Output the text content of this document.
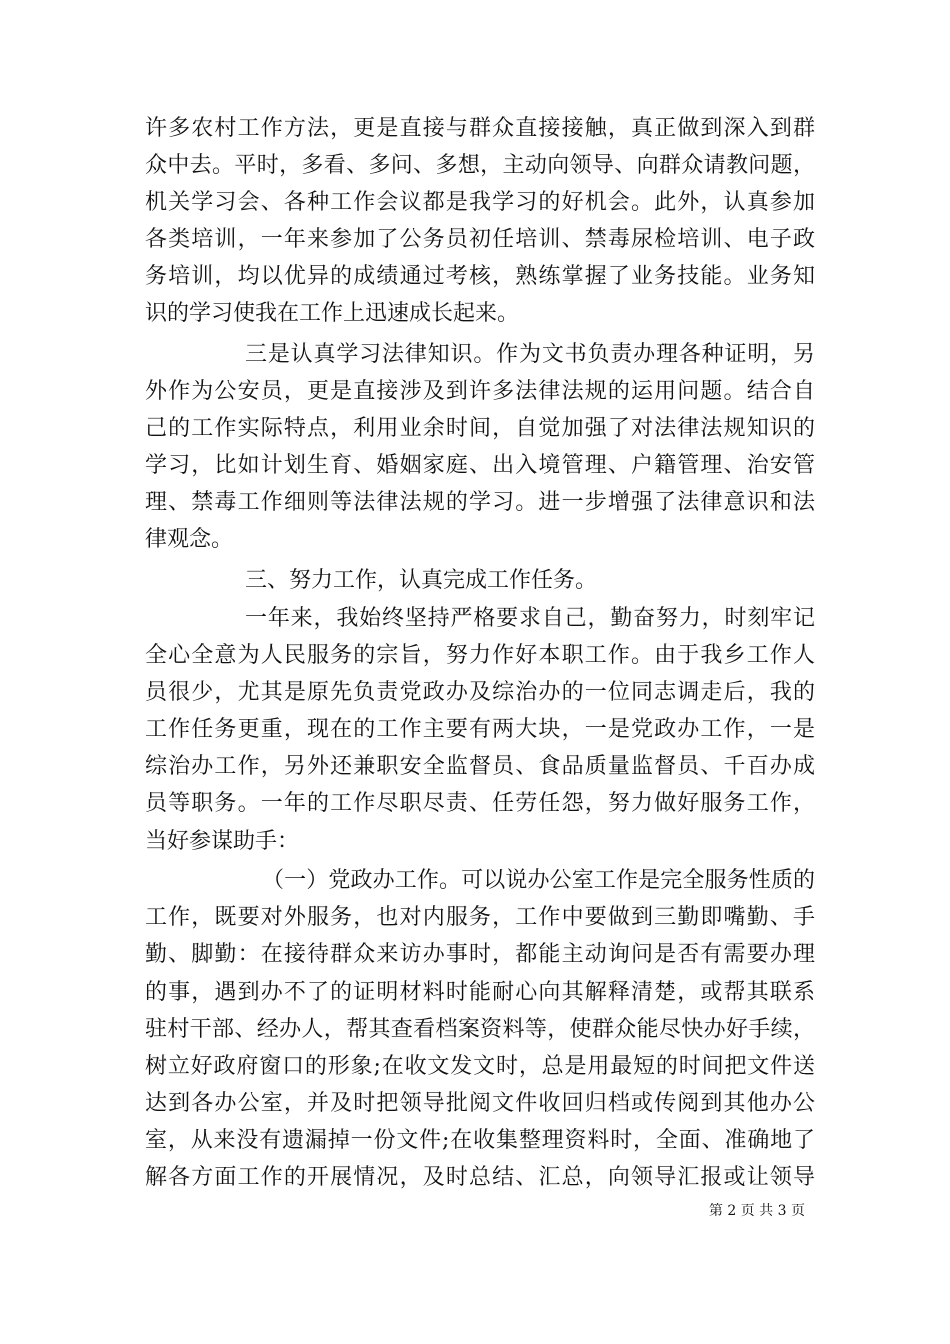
许多农村工作方法，更是直接与群众直接接触，真正做到深入到群
众中去。平时，多看、多问、多想，主动向领导、向群众请教问题，
机关学习会、各种工作会议都是我学习的好机会。此外，认真参加
各类培训，一年来参加了公务员初任培训、禁毒尿检培训、电子政
务培训，均以优异的成绩通过考核，熟练掌握了业务技能。业务知
识的学习使我在工作上迅速成长起来。
三是认真学习法律知识。作为文书负责办理各种证明，另
外作为公安员，更是直接涉及到许多法律法规的运用问题。结合自
己的工作实际特点，利用业余时间，自觉加强了对法律法规知识的
学习，比如计划生育、婚姻家庭、出入境管理、户籍管理、治安管
理、禁毒工作细则等法律法规的学习。进一步增强了法律意识和法
律观念。
三、努力工作，认真完成工作任务。
一年来，我始终坚持严格要求自己，勤奋努力，时刻牢记
全心全意为人民服务的宗旨，努力作好本职工作。由于我乡工作人
员很少，尤其是原先负责党政办及综治办的一位同志调走后，我的
工作任务更重，现在的工作主要有两大块，一是党政办工作，一是
综治办工作，另外还兼职安全监督员、食品质量监督员、千百办成
员等职务。一年的工作尽职尽责、任劳任怨，努力做好服务工作，
当好参谋助手：
（一）党政办工作。可以说办公室工作是完全服务性质的
工作，既要对外服务，也对内服务，工作中要做到三勤即嘴勤、手
勤、脚勤：在接待群众来访办事时，都能主动询问是否有需要办理
的事，遇到办不了的证明材料时能耐心向其解释清楚，或帮其联系
驻村干部、经办人，帮其查看档案资料等，使群众能尽快办好手续，
树立好政府窗口的形象;在收文发文时，总是用最短的时间把文件送
达到各办公室，并及时把领导批阅文件收回归档或传阅到其他办公
室，从来没有遗漏掉一份文件;在收集整理资料时，全面、准确地了
解各方面工作的开展情况，及时总结、汇总，向领导汇报或让领导
第 2 页 共 3 页
